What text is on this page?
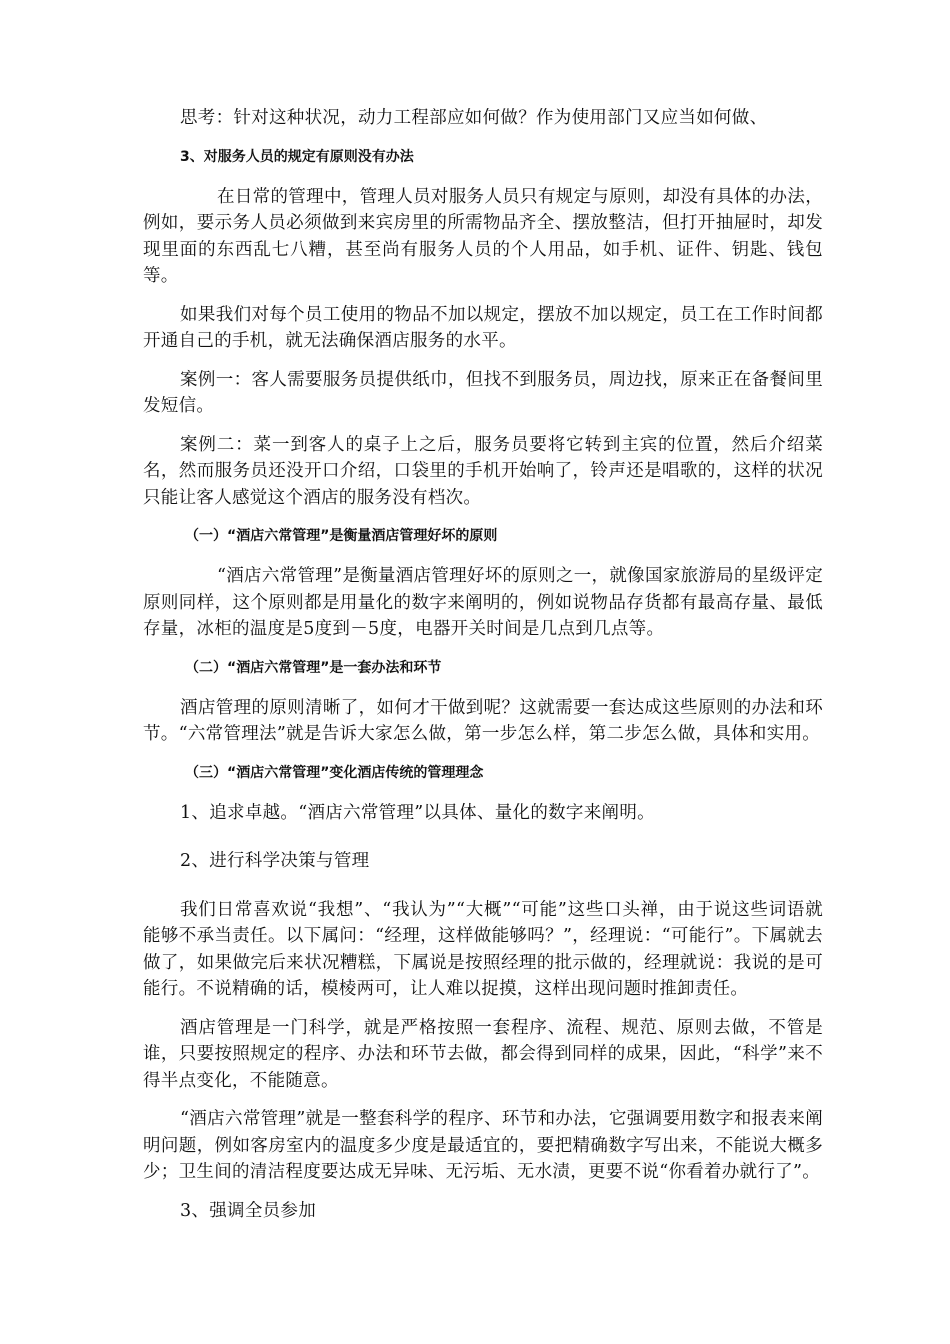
思考：针对这种状况，动力工程部应如何做？作为使用部门又应当如何做、

3、对服务人员的规定有原则没有办法

在日常的管理中，管理人员对服务人员只有规定与原则，却没有具体的办法，例如，要示务人员必须做到来宾房里的所需物品齐全、摆放整洁，但打开抽屉时，却发现里面的东西乱七八糟，甚至尚有服务人员的个人用品，如手机、证件、钥匙、钱包等。

如果我们对每个员工使用的物品不加以规定，摆放不加以规定，员工在工作时间都开通自己的手机，就无法确保酒店服务的水平。

案例一：客人需要服务员提供纸巾，但找不到服务员，周边找，原来正在备餐间里发短信。

案例二：菜一到客人的桌子上之后，服务员要将它转到主宾的位置，然后介绍菜名，然而服务员还没开口介绍，口袋里的手机开始响了，铃声还是唱歌的，这样的状况只能让客人感觉这个酒店的服务没有档次。

（一）“酒店六常管理”是衡量酒店管理好坏的原则

“酒店六常管理”是衡量酒店管理好坏的原则之一，就像国家旅游局的星级评定原则同样，这个原则都是用量化的数字来阐明的，例如说物品存货都有最高存量、最低存量，冰柜的温度是5度到－5度，电器开关时间是几点到几点等。

（二）“酒店六常管理”是一套办法和环节

酒店管理的原则清晰了，如何才干做到呢？这就需要一套达成这些原则的办法和环节。“六常管理法”就是告诉大家怎么做，第一步怎么样，第二步怎么做，具体和实用。

（三）“酒店六常管理”变化酒店传统的管理理念
1、追求卓越。“酒店六常管理”以具体、量化的数字来阐明。
2、进行科学决策与管理

我们日常喜欢说“我想”、“我认为”“大概”“可能”这些口头禅，由于说这些词语就能够不承当责任。以下属问：“经理，这样做能够吗？”，经理说：“可能行”。下属就去做了，如果做完后来状况糟糕，下属说是按照经理的批示做的，经理就说：我说的是可能行。不说精确的话，模棱两可，让人难以捉摸，这样出现问题时推卸责任。

酒店管理是一门科学，就是严格按照一套程序、流程、规范、原则去做，不管是谁，只要按照规定的程序、办法和环节去做，都会得到同样的成果，因此，“科学”来不得半点变化，不能随意。

“酒店六常管理”就是一整套科学的程序、环节和办法，它强调要用数字和报表来阐明问题，例如客房室内的温度多少度是最适宜的，要把精确数字写出来，不能说大概多少；卫生间的清洁程度要达成无异味、无污垢、无水渍，更要不说“你看着办就行了”。

3、强调全员参加
